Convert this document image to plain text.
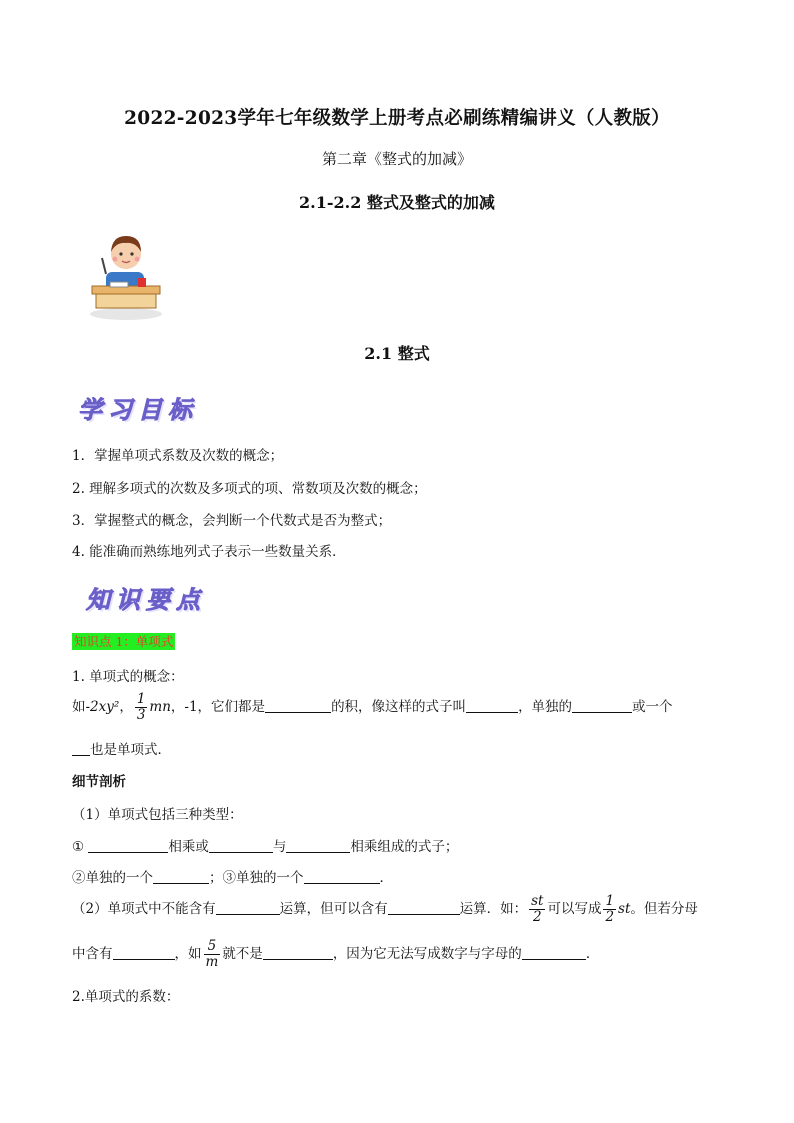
2022-2023学年七年级数学上册考点必刷练精编讲义（人教版）
第二章《整式的加减》
2.1-2.2 整式及整式的加减
2.1 整式
学习目标
1．掌握单项式系数及次数的概念；
2. 理解多项式的次数及多项式的项、常数项及次数的概念；
3．掌握整式的概念，会判断一个代数式是否为整式；
4. 能准确而熟练地列式子表示一些数量关系．
知识要点
知识点 1：单项式
1. 单项式的概念：
如-2xy²， $\frac{1}{3}$ mn，-1，它们都是	的积，像这样的式子叫	，单独的	或一个
也是单项式．
细节剖析
（1）单项式包括三种类型：
①	相乘或	与	相乘组成的式子；
②单独的一个	；③单独的一个	．
（2）单项式中不能含有	运算，但可以含有	运算．如： $\frac{st}{2}$ 可以写成 $\frac{1}{2}$ st。但若分母
中含有	，如 $\frac{5}{m}$ 就不是	，因为它无法写成数字与字母的	．
2.单项式的系数：
